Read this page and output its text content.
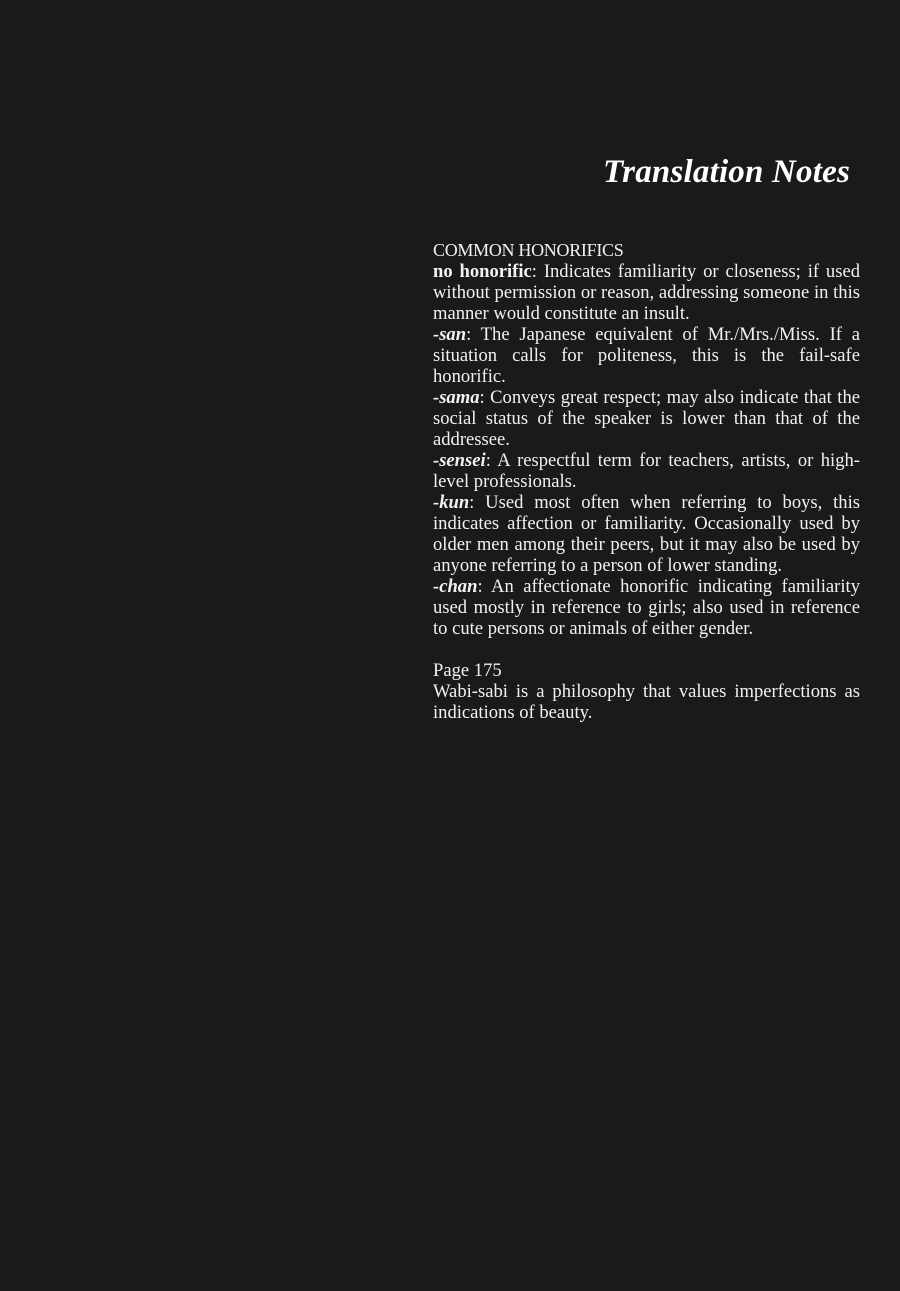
Translation Notes
COMMON HONORIFICS

no honorific: Indicates familiarity or closeness; if used without permission or reason, addressing someone in this manner would constitute an insult.

-san: The Japanese equivalent of Mr./Mrs./Miss. If a situation calls for politeness, this is the fail-safe honorific.

-sama: Conveys great respect; may also indicate that the social status of the speaker is lower than that of the addressee.

-sensei: A respectful term for teachers, artists, or high-level professionals.

-kun: Used most often when referring to boys, this indicates affection or familiarity. Occasionally used by older men among their peers, but it may also be used by anyone referring to a person of lower standing.

-chan: An affectionate honorific indicating familiarity used mostly in reference to girls; also used in reference to cute persons or animals of either gender.

Page 175

Wabi-sabi is a philosophy that values imperfections as indications of beauty.
